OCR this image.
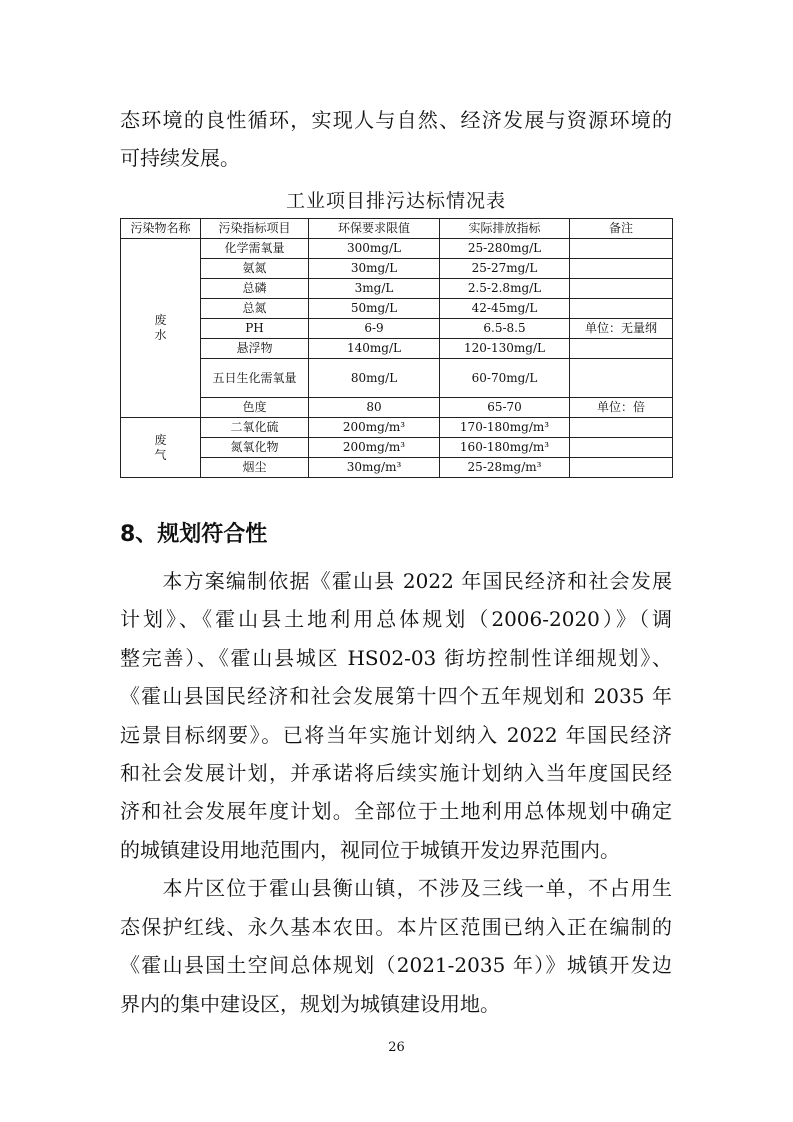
态环境的良性循环，实现人与自然、经济发展与资源环境的
可持续发展。
工业项目排污达标情况表
污染物名称	污染指标项目	环保要求限值	实际排放指标	备注
废
水	化学需氧量	300mg/L	25-280mg/L	
	氨氮	30mg/L	25-27mg/L	
	总磷	3mg/L	2.5-2.8mg/L	
	总氮	50mg/L	42-45mg/L	
	PH	6-9	6.5-8.5	单位：无量纲
	悬浮物	140mg/L	120-130mg/L	
	五日生化需氧量	80mg/L	60-70mg/L	
	色度	80	65-70	单位：倍
废
气	二氧化硫	200mg/m³	170-180mg/m³	
	氮氧化物	200mg/m³	160-180mg/m³	
	烟尘	30mg/m³	25-28mg/m³	
8、规划符合性
　　本方案编制依据《霍山县 2022 年国民经济和社会发展
计划》、《霍山县土地利用总体规划（2006-2020）》（调
整完善）、《霍山县城区 HS02-03 街坊控制性详细规划》、
《霍山县国民经济和社会发展第十四个五年规划和 2035 年
远景目标纲要》。已将当年实施计划纳入 2022 年国民经济
和社会发展计划，并承诺将后续实施计划纳入当年度国民经
济和社会发展年度计划。全部位于土地利用总体规划中确定
的城镇建设用地范围内，视同位于城镇开发边界范围内。
　　本片区位于霍山县衡山镇，不涉及三线一单，不占用生
态保护红线、永久基本农田。本片区范围已纳入正在编制的
《霍山县国土空间总体规划（2021-2035 年）》城镇开发边
界内的集中建设区，规划为城镇建设用地。
26
